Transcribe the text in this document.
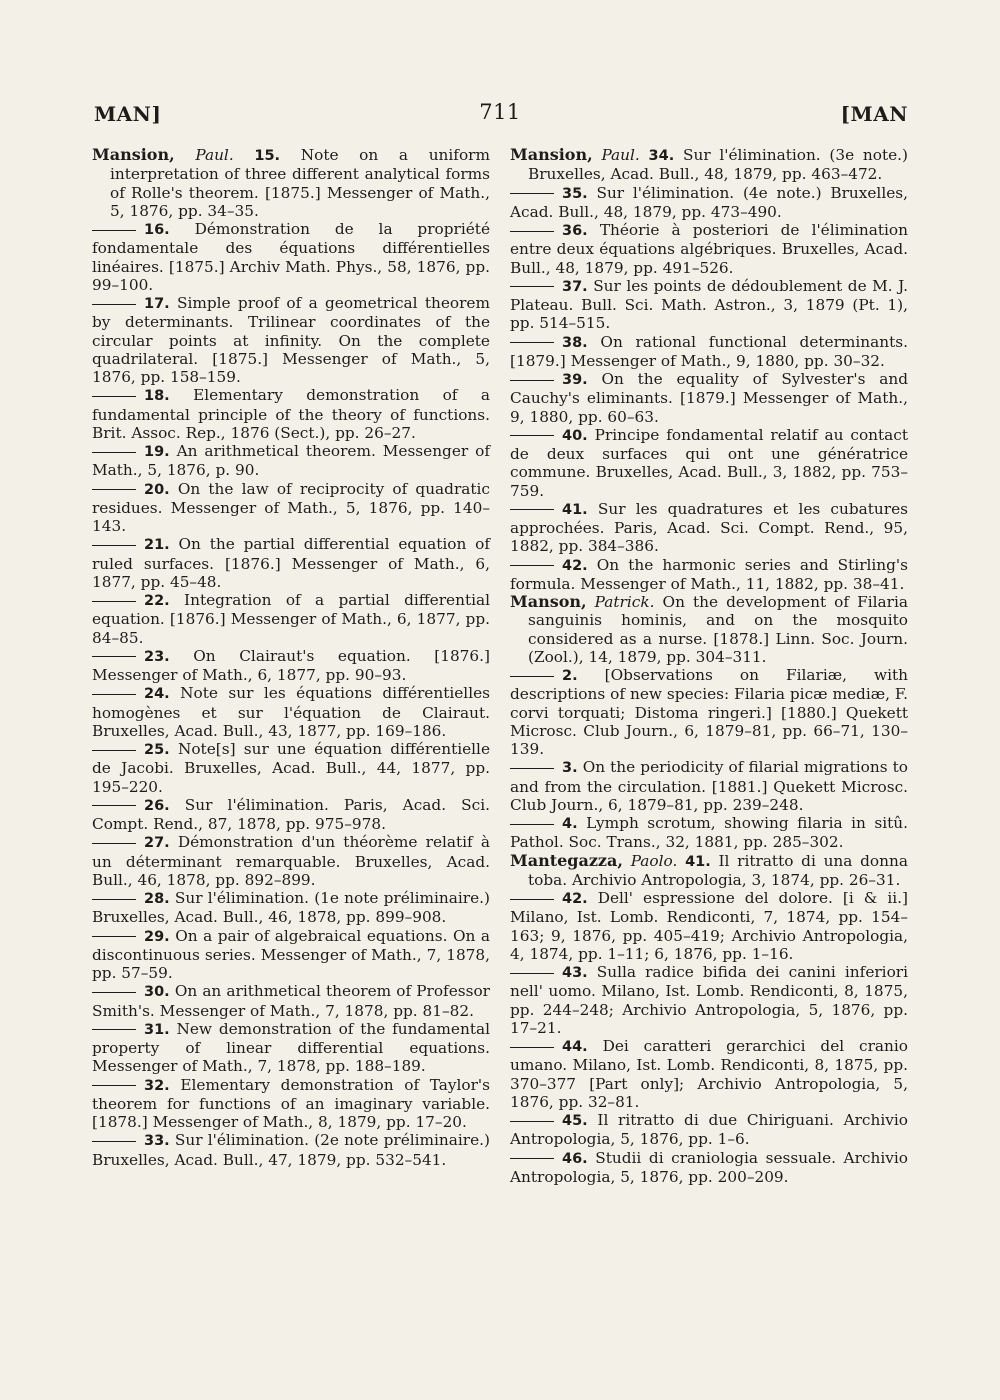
MAN]	711	[MAN
Mansion, Paul. 15. Note on a uniform interpretation of three different analytical forms of Rolle's theorem. [1875.] Messenger of Math., 5, 1876, pp. 34–35.
16. Démonstration de la propriété fondamentale des équations différentielles linéaires. [1875.] Archiv Math. Phys., 58, 1876, pp. 99–100.
17. Simple proof of a geometrical theorem by determinants. Trilinear coordinates of the circular points at infinity. On the complete quadrilateral. [1875.] Messenger of Math., 5, 1876, pp. 158–159.
18. Elementary demonstration of a fundamental principle of the theory of functions. Brit. Assoc. Rep., 1876 (Sect.), pp. 26–27.
19. An arithmetical theorem. Messenger of Math., 5, 1876, p. 90.
20. On the law of reciprocity of quadratic residues. Messenger of Math., 5, 1876, pp. 140–143.
21. On the partial differential equation of ruled surfaces. [1876.] Messenger of Math., 6, 1877, pp. 45–48.
22. Integration of a partial differential equation. [1876.] Messenger of Math., 6, 1877, pp. 84–85.
23. On Clairaut's equation. [1876.] Messenger of Math., 6, 1877, pp. 90–93.
24. Note sur les équations différentielles homogènes et sur l'équation de Clairaut. Bruxelles, Acad. Bull., 43, 1877, pp. 169–186.
25. Note[s] sur une équation différentielle de Jacobi. Bruxelles, Acad. Bull., 44, 1877, pp. 195–220.
26. Sur l'élimination. Paris, Acad. Sci. Compt. Rend., 87, 1878, pp. 975–978.
27. Démonstration d'un théorème relatif à un déterminant remarquable. Bruxelles, Acad. Bull., 46, 1878, pp. 892–899.
28. Sur l'élimination. (1e note préliminaire.) Bruxelles, Acad. Bull., 46, 1878, pp. 899–908.
29. On a pair of algebraical equations. On a discontinuous series. Messenger of Math., 7, 1878, pp. 57–59.
30. On an arithmetical theorem of Professor Smith's. Messenger of Math., 7, 1878, pp. 81–82.
31. New demonstration of the fundamental property of linear differential equations. Messenger of Math., 7, 1878, pp. 188–189.
32. Elementary demonstration of Taylor's theorem for functions of an imaginary variable. [1878.] Messenger of Math., 8, 1879, pp. 17–20.
33. Sur l'élimination. (2e note préliminaire.) Bruxelles, Acad. Bull., 47, 1879, pp. 532–541.
Mansion, Paul. 34. Sur l'élimination. (3e note.) Bruxelles, Acad. Bull., 48, 1879, pp. 463–472.
35. Sur l'élimination. (4e note.) Bruxelles, Acad. Bull., 48, 1879, pp. 473–490.
36. Théorie à posteriori de l'élimination entre deux équations algébriques. Bruxelles, Acad. Bull., 48, 1879, pp. 491–526.
37. Sur les points de dédoublement de M. J. Plateau. Bull. Sci. Math. Astron., 3, 1879 (Pt. 1), pp. 514–515.
38. On rational functional determinants. [1879.] Messenger of Math., 9, 1880, pp. 30–32.
39. On the equality of Sylvester's and Cauchy's eliminants. [1879.] Messenger of Math., 9, 1880, pp. 60–63.
40. Principe fondamental relatif au contact de deux surfaces qui ont une génératrice commune. Bruxelles, Acad. Bull., 3, 1882, pp. 753–759.
41. Sur les quadratures et les cubatures approchées. Paris, Acad. Sci. Compt. Rend., 95, 1882, pp. 384–386.
42. On the harmonic series and Stirling's formula. Messenger of Math., 11, 1882, pp. 38–41.
Manson, Patrick. On the development of Filaria sanguinis hominis, and on the mosquito considered as a nurse. [1878.] Linn. Soc. Journ. (Zool.), 14, 1879, pp. 304–311.
2. [Observations on Filariæ, with descriptions of new species: Filaria picæ mediæ, F. corvi torquati; Distoma ringeri.] [1880.] Quekett Microsc. Club Journ., 6, 1879–81, pp. 66–71, 130–139.
3. On the periodicity of filarial migrations to and from the circulation. [1881.] Quekett Microsc. Club Journ., 6, 1879–81, pp. 239–248.
4. Lymph scrotum, showing filaria in sitû. Pathol. Soc. Trans., 32, 1881, pp. 285–302.
Mantegazza, Paolo. 41. Il ritratto di una donna toba. Archivio Antropologia, 3, 1874, pp. 26–31.
42. Dell' espressione del dolore. [i & ii.] Milano, Ist. Lomb. Rendiconti, 7, 1874, pp. 154–163; 9, 1876, pp. 405–419; Archivio Antropologia, 4, 1874, pp. 1–11; 6, 1876, pp. 1–16.
43. Sulla radice bifida dei canini inferiori nell' uomo. Milano, Ist. Lomb. Rendiconti, 8, 1875, pp. 244–248; Archivio Antropologia, 5, 1876, pp. 17–21.
44. Dei caratteri gerarchici del cranio umano. Milano, Ist. Lomb. Rendiconti, 8, 1875, pp. 370–377 [Part only]; Archivio Antropologia, 5, 1876, pp. 32–81.
45. Il ritratto di due Chiriguani. Archivio Antropologia, 5, 1876, pp. 1–6.
46. Studii di craniologia sessuale. Archivio Antropologia, 5, 1876, pp. 200–209.
